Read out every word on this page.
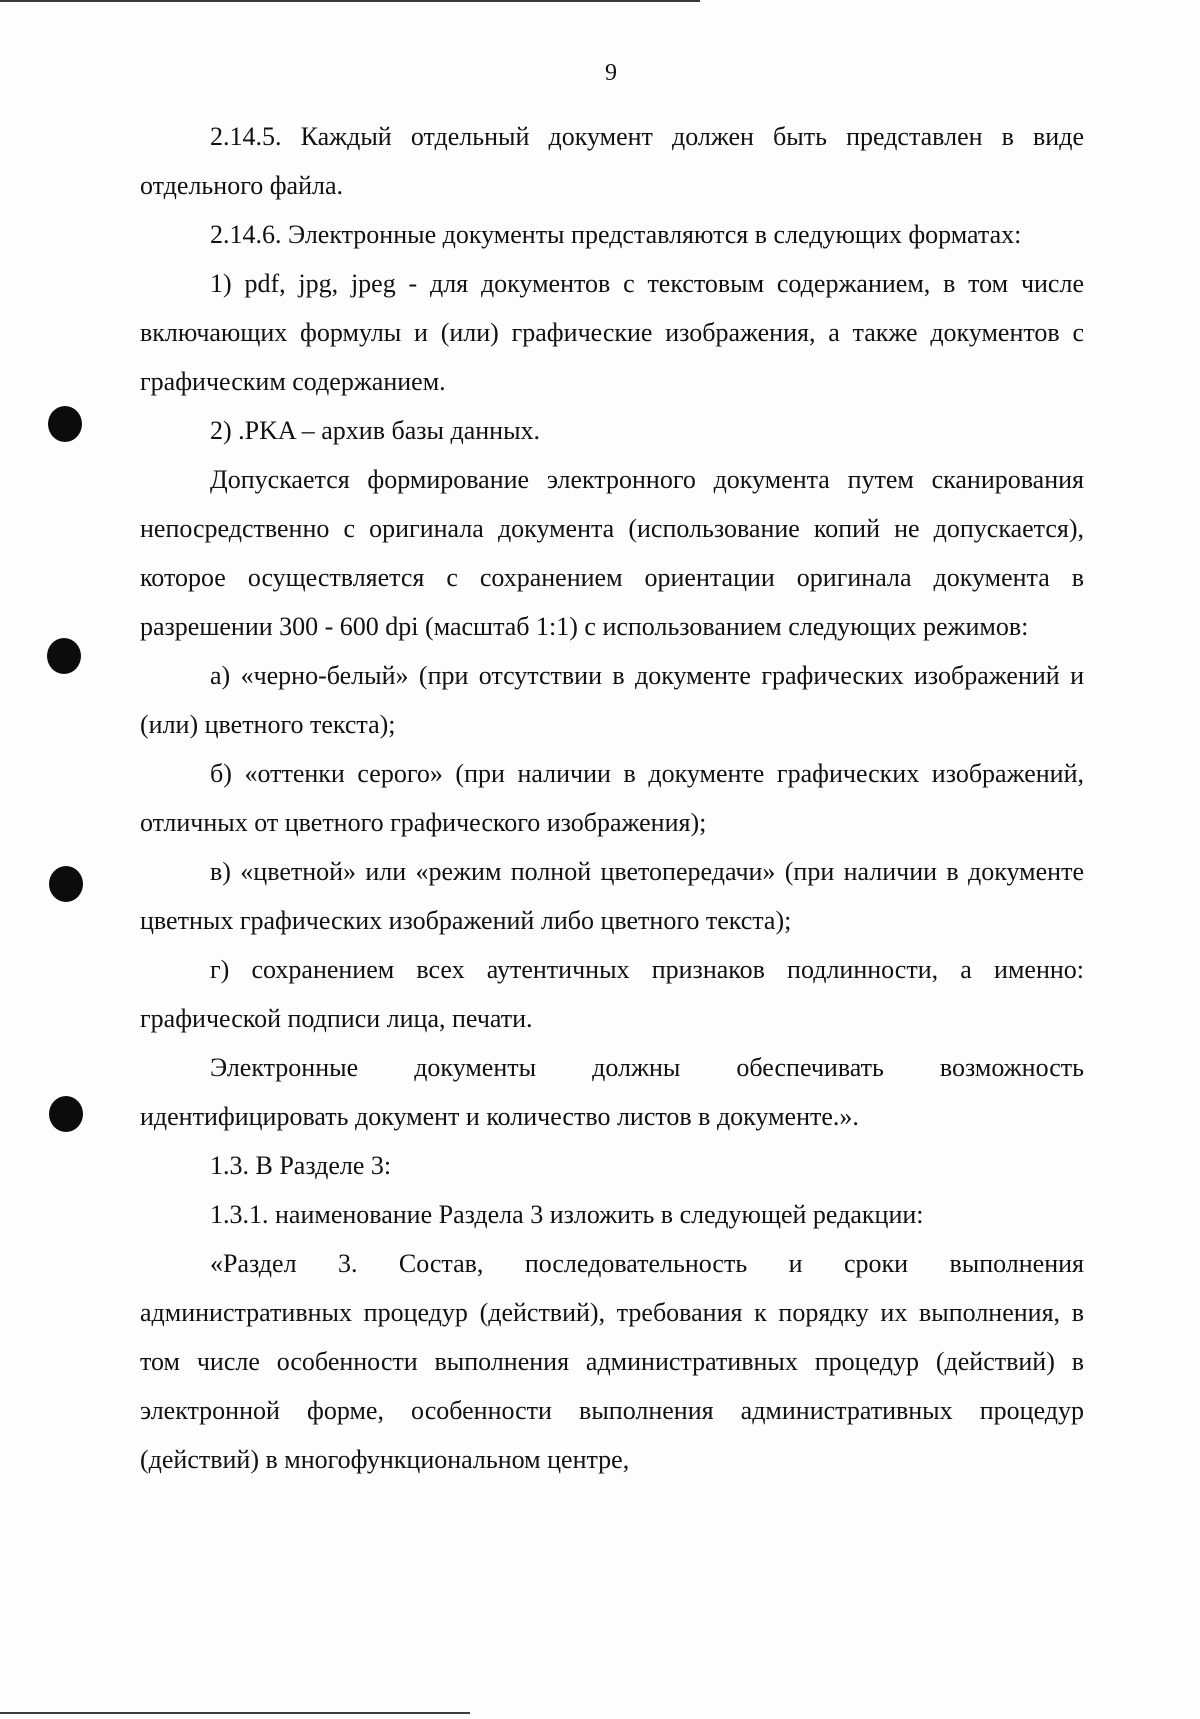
9

2.14.5. Каждый отдельный документ должен быть представлен в виде отдельного файла.

2.14.6. Электронные документы представляются в следующих форматах:

1) pdf, jpg, jpeg - для документов с текстовым содержанием, в том числе включающих формулы и (или) графические изображения, а также документов с графическим содержанием.

2) .PKA – архив базы данных.

Допускается формирование электронного документа путем сканирования непосредственно с оригинала документа (использование копий не допускается), которое осуществляется с сохранением ориентации оригинала документа в разрешении 300 - 600 dpi (масштаб 1:1) с использованием следующих режимов:

а) «черно-белый» (при отсутствии в документе графических изображений и (или) цветного текста);

б) «оттенки серого» (при наличии в документе графических изображений, отличных от цветного графического изображения);

в) «цветной» или «режим полной цветопередачи» (при наличии в документе цветных графических изображений либо цветного текста);

г) сохранением всех аутентичных признаков подлинности, а именно: графической подписи лица, печати.

Электронные документы должны обеспечивать возможность идентифицировать документ и количество листов в документе.».

1.3. В Разделе 3:

1.3.1. наименование Раздела 3 изложить в следующей редакции:

«Раздел 3. Состав, последовательность и сроки выполнения административных процедур (действий), требования к порядку их выполнения, в том числе особенности выполнения административных процедур (действий) в электронной форме, особенности выполнения административных процедур (действий) в многофункциональном центре,
